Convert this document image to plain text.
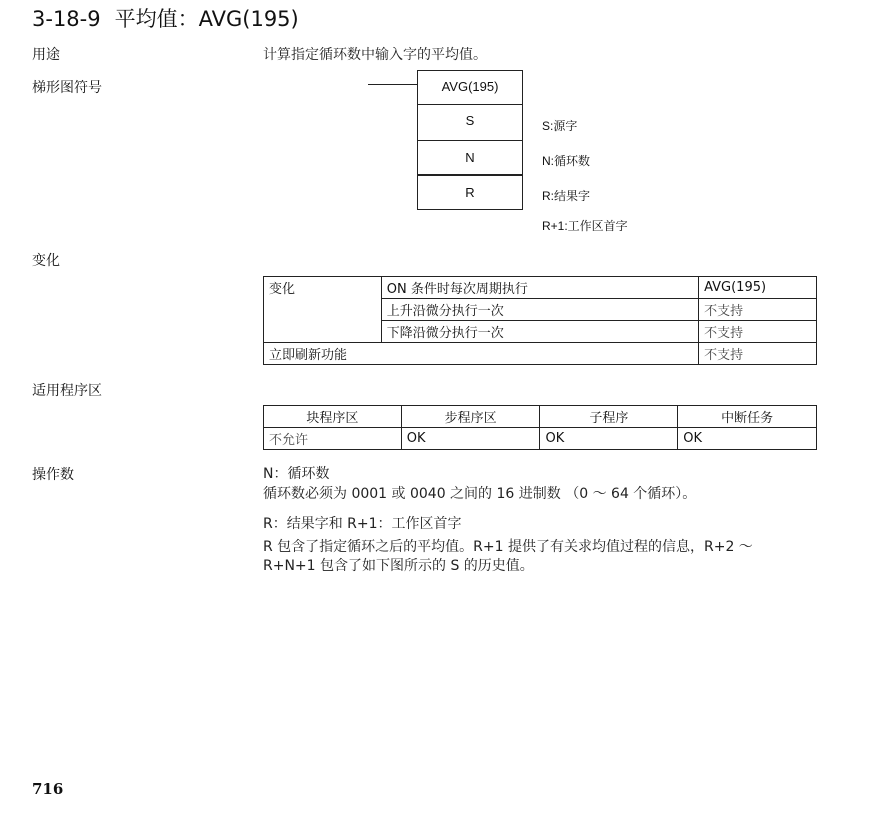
3-18-9 平均值：AVG(195)
用途	计算指定循环数中输入字的平均值。
梯形图符号	AVG(195)
S
N
R
S:源字
N:循环数
R:结果字
R+1:工作区首字
变化
变化	ON 条件时每次周期执行	AVG(195)
	上升沿微分执行一次	不支持
	下降沿微分执行一次	不支持
立即刷新功能		不支持
适用程序区
块程序区	步程序区	子程序	中断任务
不允许	OK	OK	OK
操作数	N：循环数
循环数必须为 0001 或 0040 之间的 16 进制数 （0 ～ 64 个循环）。
R：结果字和 R+1：工作区首字
R 包含了指定循环之后的平均值。R+1 提供了有关求均值过程的信息，R+2 ～
R+N+1 包含了如下图所示的 S 的历史值。
716
